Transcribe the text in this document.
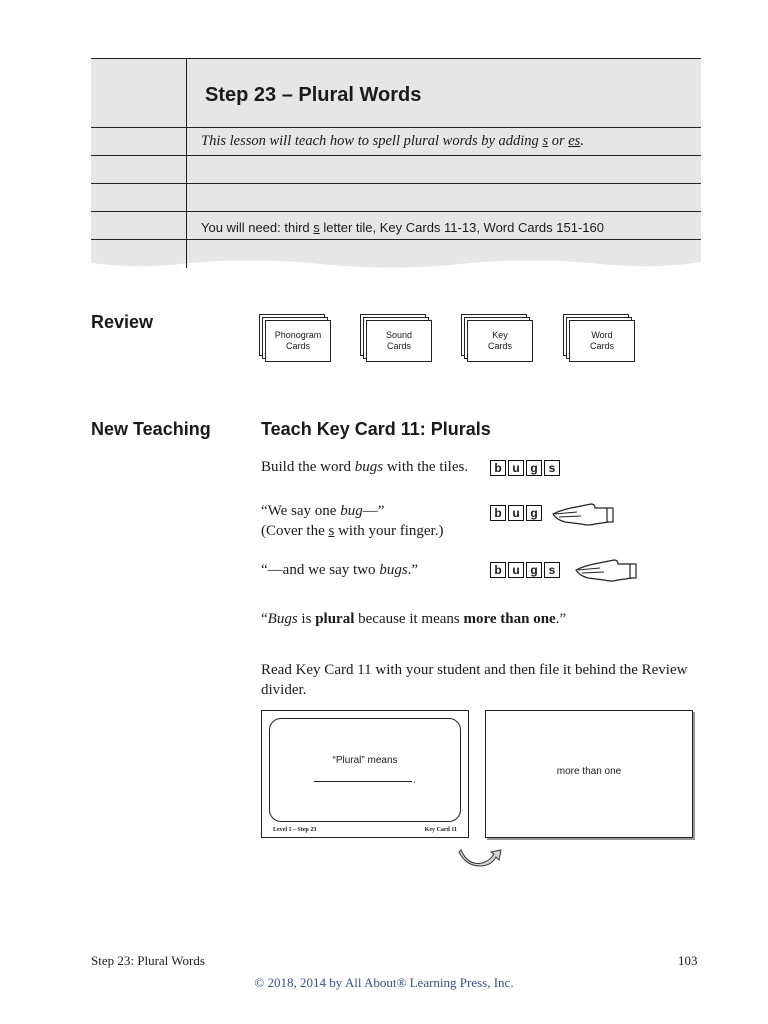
Step 23 – Plural Words
This lesson will teach how to spell plural words by adding s or es.
You will need: third s letter tile, Key Cards 11-13, Word Cards 151-160
Review
Phonogram
Cards
Sound
Cards
Key
Cards
Word
Cards
New Teaching	Teach Key Card 11: Plurals
Build the word bugs with the tiles.	b u g s
“We say one bug—”
(Cover the s with your finger.)
b u g
“—and we say two bugs.”	b u g s
“Bugs is plural because it means more than one.”
Read Key Card 11 with your student and then file it behind the Review divider.
“Plural” means
.
Level 1 – Step 23	Key Card 11
more than one
Step 23: Plural Words	103
© 2018, 2014 by All About® Learning Press, Inc.
